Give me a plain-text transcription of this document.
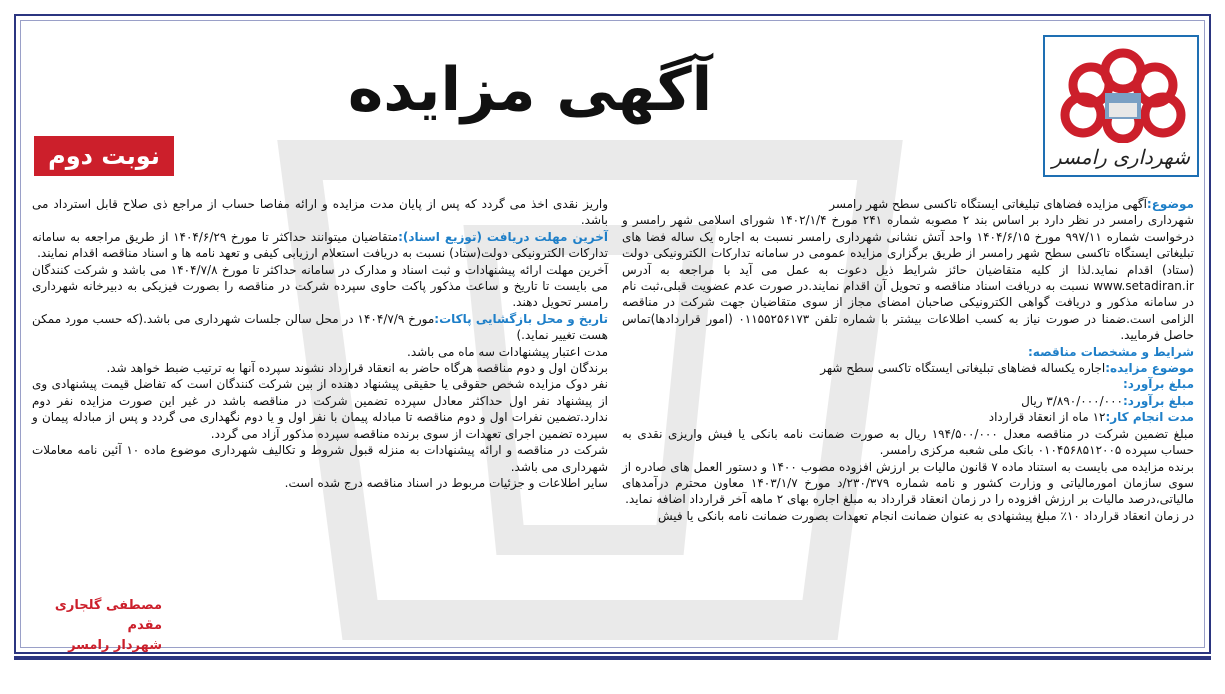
شهرداری رامسر
آگهی مزایده
نوبت دوم

موضوع:آگهی مزایده فضاهای تبلیغاتی ایستگاه تاکسی سطح شهر رامسر

شهرداری رامسر در نظر دارد بر اساس بند ۲ مصوبه شماره ۲۴۱ مورخ ۱۴۰۲/۱/۴ شورای اسلامی شهر رامسر و درخواست شماره ۹۹۷/۱۱ مورخ ۱۴۰۴/۶/۱۵ واحد آتش نشانی شهرداری رامسر نسبت به اجاره یک ساله فضا های تبلیغاتی ایستگاه تاکسی سطح شهر رامسر از طریق برگزاری مزایده عمومی در سامانه تدارکات الکترونیکی دولت (ستاد) اقدام نماید.لذا از کلیه متقاضیان حائز شرایط ذیل دعوت به عمل می آید با مراجعه به آدرس www.setadiran.ir نسبت به دریافت اسناد مناقصه و تحویل آن اقدام نمایند.در صورت عدم عضویت قبلی،ثبت نام در سامانه مذکور و دریافت گواهی الکترونیکی صاحبان امضای مجاز از سوی متقاضیان جهت شرکت در مناقصه الزامی است.ضمنا در صورت نیاز به کسب اطلاعات بیشتر با شماره تلفن ۰۱۱۵۵۲۵۶۱۷۳ (امور قراردادها)تماس حاصل فرمایید.

شرایط و مشخصات مناقصه:

موضوع مزایده:اجاره یکساله فضاهای تبلیغاتی ایستگاه تاکسی سطح شهر

مبلغ برآورد:

مبلغ برآورد:۳/۸۹۰/۰۰۰/۰۰۰ ریال

مدت انجام کار:۱۲ ماه از انعقاد قرارداد

مبلغ تضمین شرکت در مناقصه معدل ۱۹۴/۵۰۰/۰۰۰ ریال به صورت ضمانت نامه بانکی یا فیش واریزی نقدی به حساب سپرده ۰۱۰۴۵۶۸۵۱۲۰۰۵ بانک ملی شعبه مرکزی رامسر.

برنده مزایده می بایست به استناد ماده ۷ قانون مالیات بر ارزش افزوده مصوب ۱۴۰۰ و دستور العمل های صادره از سوی سازمان امورمالیاتی و وزارت کشور و نامه شماره ۲۳۰/۳۷۹/د مورخ ۱۴۰۳/۱/۷ معاون محترم درآمدهای مالیاتی،درصد مالیات بر ارزش افزوده را در زمان انعقاد قرارداد به مبلغ اجاره بهای ۲ ماهه آخر قرارداد اضافه نماید.

در زمان انعقاد قرارداد ۱۰٪ مبلغ پیشنهادی به عنوان ضمانت انجام تعهدات بصورت ضمانت نامه بانکی یا فیش

واریز نقدی اخذ می گردد که پس از پایان مدت مزایده و ارائه مفاصا حساب از مراجع ذی صلاح قابل استرداد می باشد.

آخرین مهلت دریافت (توزیع اسناد):متقاضیان میتوانند حداکثر تا مورخ ۱۴۰۴/۶/۲۹ از طریق مراجعه به سامانه تدارکات الکترونیکی دولت(ستاد) نسبت به دریافت استعلام ارزیابی کیفی و تعهد نامه ها و اسناد مناقصه اقدام نمایند.

آخرین مهلت ارائه پیشنهادات و ثبت اسناد و مدارک در سامانه حداکثر تا مورخ ۱۴۰۴/۷/۸ می باشد و شرکت کنندگان می بایست تا تاریخ و ساعت مذکور پاکت حاوی سپرده شرکت در مناقصه را بصورت فیزیکی به دبیرخانه شهرداری رامسر تحویل دهند.

تاریخ و محل بازگشایی پاکات:مورخ ۱۴۰۴/۷/۹ در محل سالن جلسات شهرداری می باشد.(که حسب مورد ممکن هست تغییر نماید.)

مدت اعتبار پیشنهادات سه ماه می باشد.

برندگان اول و دوم مناقصه هرگاه حاضر به انعقاد قرارداد نشوند سپرده آنها به ترتیب ضبط خواهد شد.

نفر دوک مزایده شخص حقوقی یا حقیقی پیشنهاد دهنده از بین شرکت کنندگان است که تفاضل قیمت پیشنهادی وی از پیشنهاد نفر اول حداکثر معادل سپرده تضمین شرکت در مناقصه باشد در غیر این صورت مزایده نفر دوم ندارد.تضمین نفرات اول و دوم مناقصه تا مبادله پیمان با نفر اول و یا دوم نگهداری می گردد و پس از مبادله پیمان و سپرده تضمین اجرای تعهدات از سوی برنده مناقصه سپرده مذکور آزاد می گردد.

شرکت در مناقصه و ارائه پیشنهادات به منزله قبول شروط و تکالیف شهرداری موضوع ماده ۱۰ آئین نامه معاملات شهرداری می باشد.

سایر اطلاعات و جزئیات مربوط در اسناد مناقصه درج شده است.

مصطفی گلجاری مقدم
شهردار رامسر
